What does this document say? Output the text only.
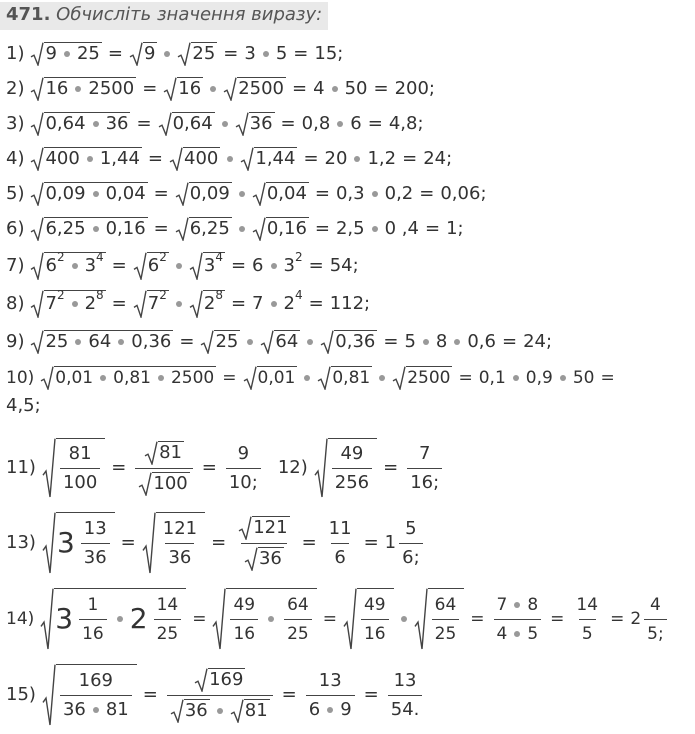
471. Обчисліть значення виразу:
1) 9 25 = 9 25 = 3 5 = 15;
2) 16 2500 = 16 2500 = 4 50 = 200;
3) 0,64 36 = 0,64 36 = 0,8 6 = 4,8;
4) 400 1,44 = 400 1,44 = 20 1,2 = 24;
5) 0,09 0,04 = 0,09 0,04 = 0,3 0,2 = 0,06;
6) 6,25 0,16 = 6,25 0,16 = 2,5 0 ,4 = 1;
7) $6^2$ $3^4 = 6^2$ $3^4 = 6$ $3^2 = 54$;
8) $7^2$ $2^8 = 7^2$ $2^8 = 7$ $2^4 = 112$;
9) 25 64 0,36 = 25 64 0,36 = 5 8 0,6 = 24;
10) 0,01 0,81 2500 = 0,01 0,81 2500 = 0,1 0,9 50 =
4,5;
$11) \frac{81}{100} = \frac{81}{100} = \frac{9}{10;} 12) \frac{49}{256} = \frac{7}{16;}$
13) $3 \frac{13}{36} = \frac{121}{36} = \frac{121}{36} = \frac{11}{6} = 1 \frac{5}{6;}$
14) $3 \frac{1}{16} 2 \frac{14}{25} = \frac{49}{16} \frac{64}{25} = \frac{49}{16}$	$\frac{64}{25} = \frac{7 8}{4 5} = \frac{14}{5} = 2 \frac{4}{5;}$
$15) \frac{169}{36 81} = \frac{169}{36 81} = \frac{13}{6 9} = \frac{13}{54.}$
